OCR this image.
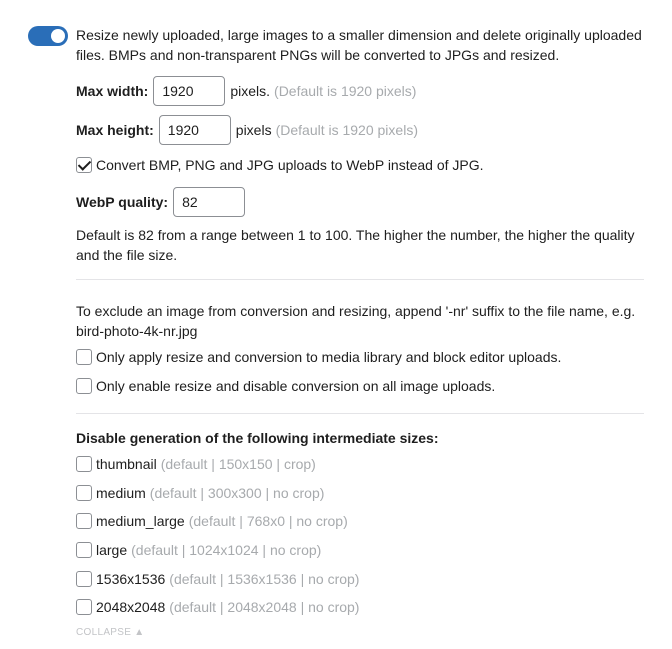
Resize newly uploaded, large images to a smaller dimension and delete originally uploaded files. BMPs and non-transparent PNGs will be converted to JPGs and resized.
Max width:
1920	pixels. (Default is 1920 pixels)
Max height:
1920	pixels (Default is 1920 pixels)
Convert BMP, PNG and JPG uploads to WebP instead of JPG.
WebP quality:
82
Default is 82 from a range between 1 to 100. The higher the number, the higher the quality and the file size.
To exclude an image from conversion and resizing, append '-nr' suffix to the file name, e.g. bird-photo-4k-nr.jpg
Only apply resize and conversion to media library and block editor uploads.
Only enable resize and disable conversion on all image uploads.
Disable generation of the following intermediate sizes:
thumbnail (default | 150x150 | crop)
medium (default | 300x300 | no crop)
medium_large (default | 768x0 | no crop)
large (default | 1024x1024 | no crop)
1536x1536 (default | 1536x1536 | no crop)
2048x2048 (default | 2048x2048 | no crop)
COLLAPSE ▲
